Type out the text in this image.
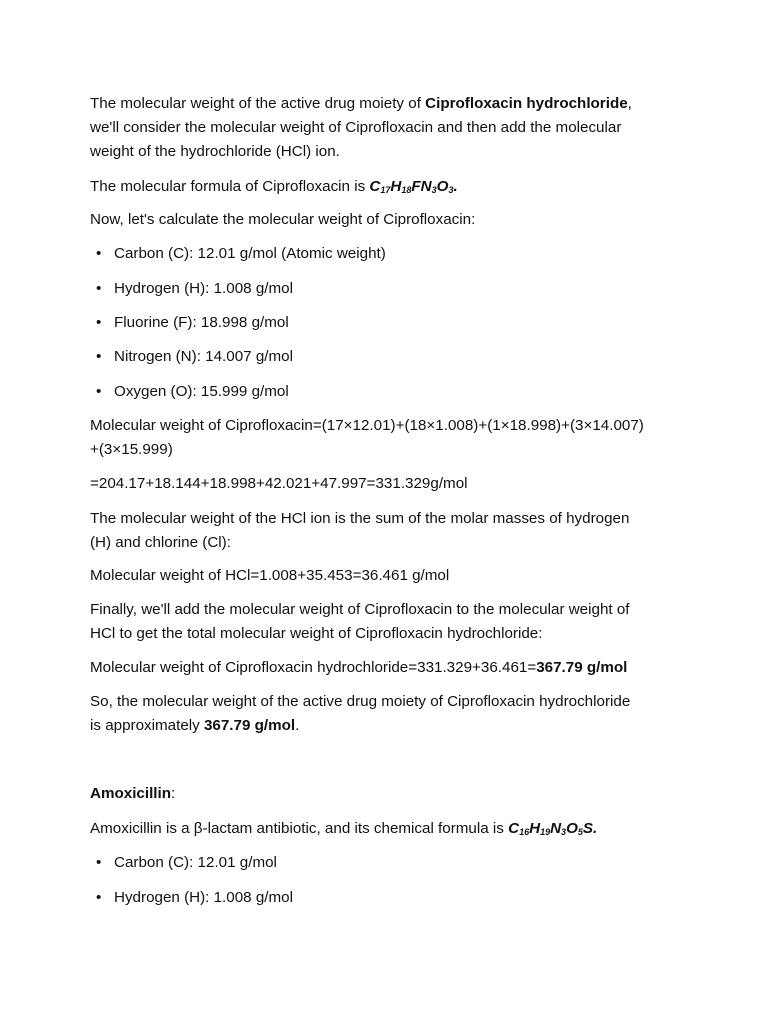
The molecular weight of the active drug moiety of Ciprofloxacin hydrochloride,
we'll consider the molecular weight of Ciprofloxacin and then add the molecular
weight of the hydrochloride (HCl) ion.
The molecular formula of Ciprofloxacin is $C_{17}H_{18}FN_3O_3$.
Now, let's calculate the molecular weight of Ciprofloxacin:
• Carbon (C): 12.01 g/mol (Atomic weight)
• Hydrogen (H): 1.008 g/mol
• Fluorine (F): 18.998 g/mol
• Nitrogen (N): 14.007 g/mol
• Oxygen (O): 15.999 g/mol
Molecular weight of Ciprofloxacin=(17×12.01)+(18×1.008)+(1×18.998)+(3×14.007)
+(3×15.999)
=204.17+18.144+18.998+42.021+47.997=331.329g/mol
The molecular weight of the HCl ion is the sum of the molar masses of hydrogen
(H) and chlorine (Cl):
Molecular weight of HCl=1.008+35.453=36.461 g/mol
Finally, we'll add the molecular weight of Ciprofloxacin to the molecular weight of
HCl to get the total molecular weight of Ciprofloxacin hydrochloride:
Molecular weight of Ciprofloxacin hydrochloride=331.329+36.461=367.79 g/mol
So, the molecular weight of the active drug moiety of Ciprofloxacin hydrochloride
is approximately 367.79 g/mol.
Amoxicillin:
Amoxicillin is a β-lactam antibiotic, and its chemical formula is $C_{16}H_{19}N_3O_5S$.
• Carbon (C): 12.01 g/mol
• Hydrogen (H): 1.008 g/mol
